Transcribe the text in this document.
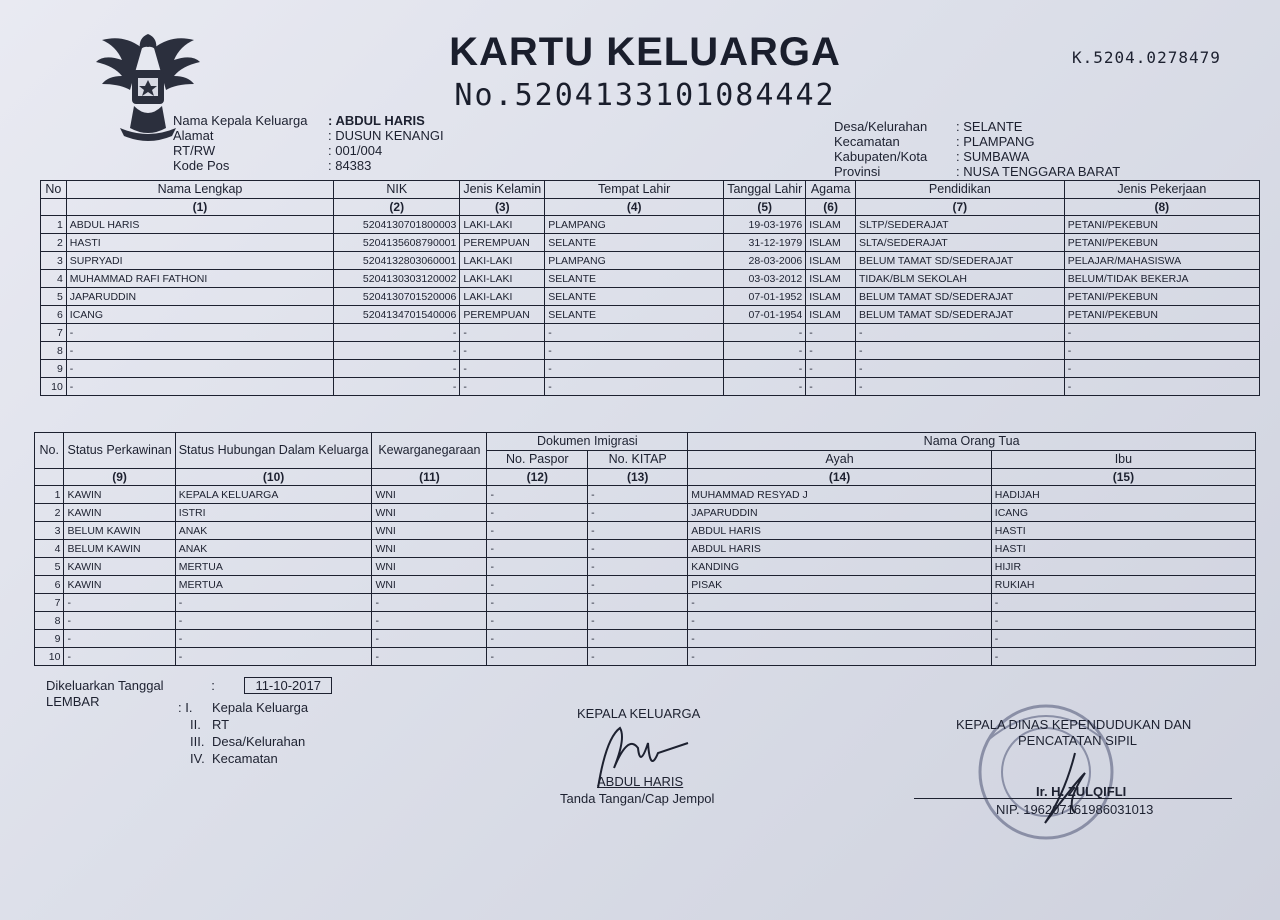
KARTU KELUARGA
No.5204133101084442
K.5204.0278479
Nama Kepala Keluarga	: ABDUL HARIS
Alamat	: DUSUN KENANGI
RT/RW	: 001/004
Kode Pos	: 84383
Desa/Kelurahan	: SELANTE
Kecamatan	: PLAMPANG
Kabupaten/Kota	: SUMBAWA
Provinsi	: NUSA TENGGARA BARAT
No	Nama Lengkap	NIK	Jenis Kelamin	Tempat Lahir	Tanggal Lahir	Agama	Pendidikan	Jenis Pekerjaan
	(1)	(2)	(3)	(4)	(5)	(6)	(7)	(8)
1	ABDUL HARIS	5204130701800003	LAKI-LAKI	PLAMPANG	19-03-1976	ISLAM	SLTP/SEDERAJAT	PETANI/PEKEBUN
2	HASTI	5204135608790001	PEREMPUAN	SELANTE	31-12-1979	ISLAM	SLTA/SEDERAJAT	PETANI/PEKEBUN
3	SUPRYADI	5204132803060001	LAKI-LAKI	PLAMPANG	28-03-2006	ISLAM	BELUM TAMAT SD/SEDERAJAT	PELAJAR/MAHASISWA
4	MUHAMMAD RAFI FATHONI	5204130303120002	LAKI-LAKI	SELANTE	03-03-2012	ISLAM	TIDAK/BLM SEKOLAH	BELUM/TIDAK BEKERJA
5	JAPARUDDIN	5204130701520006	LAKI-LAKI	SELANTE	07-01-1952	ISLAM	BELUM TAMAT SD/SEDERAJAT	PETANI/PEKEBUN
6	ICANG	5204134701540006	PEREMPUAN	SELANTE	07-01-1954	ISLAM	BELUM TAMAT SD/SEDERAJAT	PETANI/PEKEBUN
7	-	-	-	-	-	-	-	-
8	-	-	-	-	-	-	-	-
9	-	-	-	-	-	-	-	-
10	-	-	-	-	-	-	-	-
No.	Status Perkawinan	Status Hubungan Dalam Keluarga	Kewarganegaraan	Dokumen Imigrasi		Nama Orang Tua	
				No. Paspor	No. KITAP	Ayah	Ibu
	(9)	(10)	(11)	(12)	(13)	(14)	(15)
1	KAWIN	KEPALA KELUARGA	WNI	-	-	MUHAMMAD RESYAD J	HADIJAH
2	KAWIN	ISTRI	WNI	-	-	JAPARUDDIN	ICANG
3	BELUM KAWIN	ANAK	WNI	-	-	ABDUL HARIS	HASTI
4	BELUM KAWIN	ANAK	WNI	-	-	ABDUL HARIS	HASTI
5	KAWIN	MERTUA	WNI	-	-	KANDING	HIJIR
6	KAWIN	MERTUA	WNI	-	-	PISAK	RUKIAH
7	-	-	-	-	-	-	-
8	-	-	-	-	-	-	-
9	-	-	-	-	-	-	-
10	-	-	-	-	-	-	-
Dikeluarkan Tanggal	:	11-10-2017
LEMBAR	: I. Kepala Keluarga
II. RT
III. Desa/Kelurahan
IV. Kecamatan
KEPALA KELUARGA
ABDUL HARIS
Tanda Tangan/Cap Jempol
KEPALA DINAS KEPENDUDUKAN DAN
PENCATATAN SIPIL
Ir. H. ZULQIFLI
NIP. 196207161986031013
